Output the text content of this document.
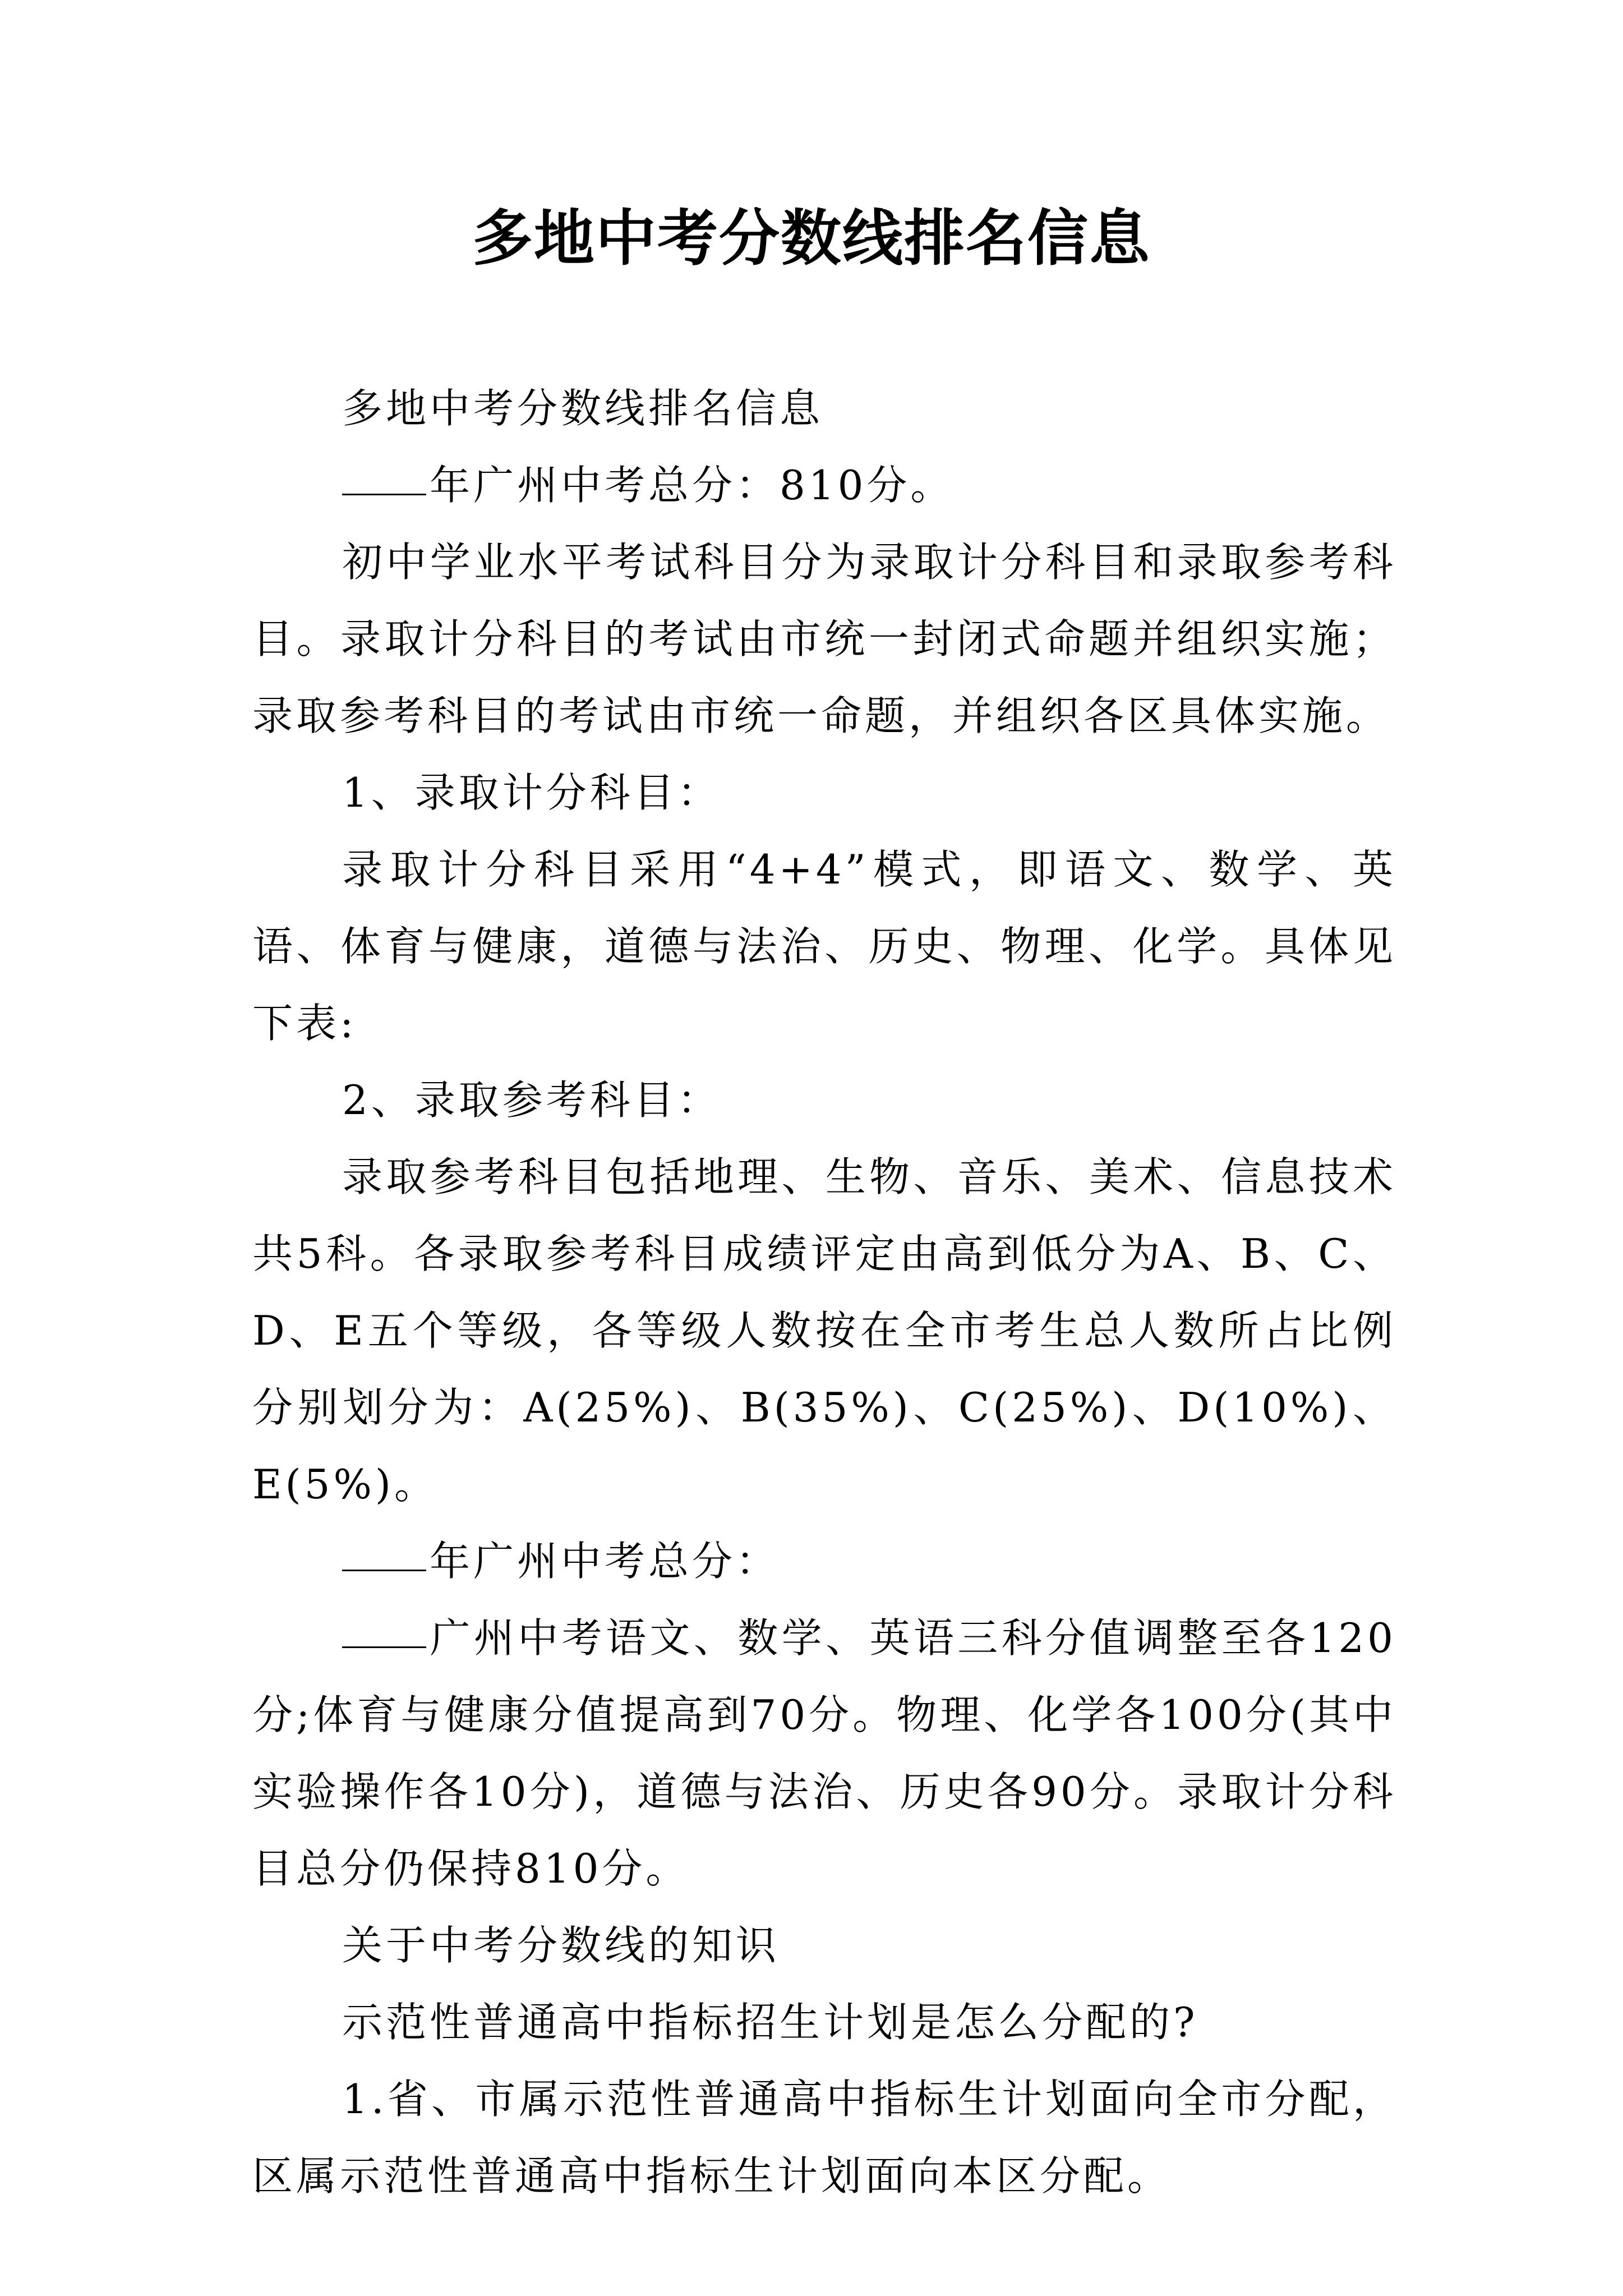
多地中考分数线排名信息

多地中考分数线排名信息

年广州中考总分：810分。

初中学业水平考试科目分为录取计分科目和录取参考科目。录取计分科目的考试由市统一封闭式命题并组织实施；录取参考科目的考试由市统一命题，并组织各区具体实施。

1、录取计分科目：

录取计分科目采用“4+4”模式，即语文、数学、英语、体育与健康，道德与法治、历史、物理、化学。具体见下表:

2、录取参考科目：

录取参考科目包括地理、生物、音乐、美术、信息技术共5科。各录取参考科目成绩评定由高到低分为A、B、C、D、E五个等级，各等级人数按在全市考生总人数所占比例分别划分为：A(25%)、B(35%)、C(25%)、D(10%)、E(5%)。

年广州中考总分：

广州中考语文、数学、英语三科分值调整至各120分;体育与健康分值提高到70分。物理、化学各100分(其中实验操作各10分)，道德与法治、历史各90分。录取计分科目总分仍保持810分。

关于中考分数线的知识

示范性普通高中指标招生计划是怎么分配的?

1.省、市属示范性普通高中指标生计划面向全市分配，区属示范性普通高中指标生计划面向本区分配。
